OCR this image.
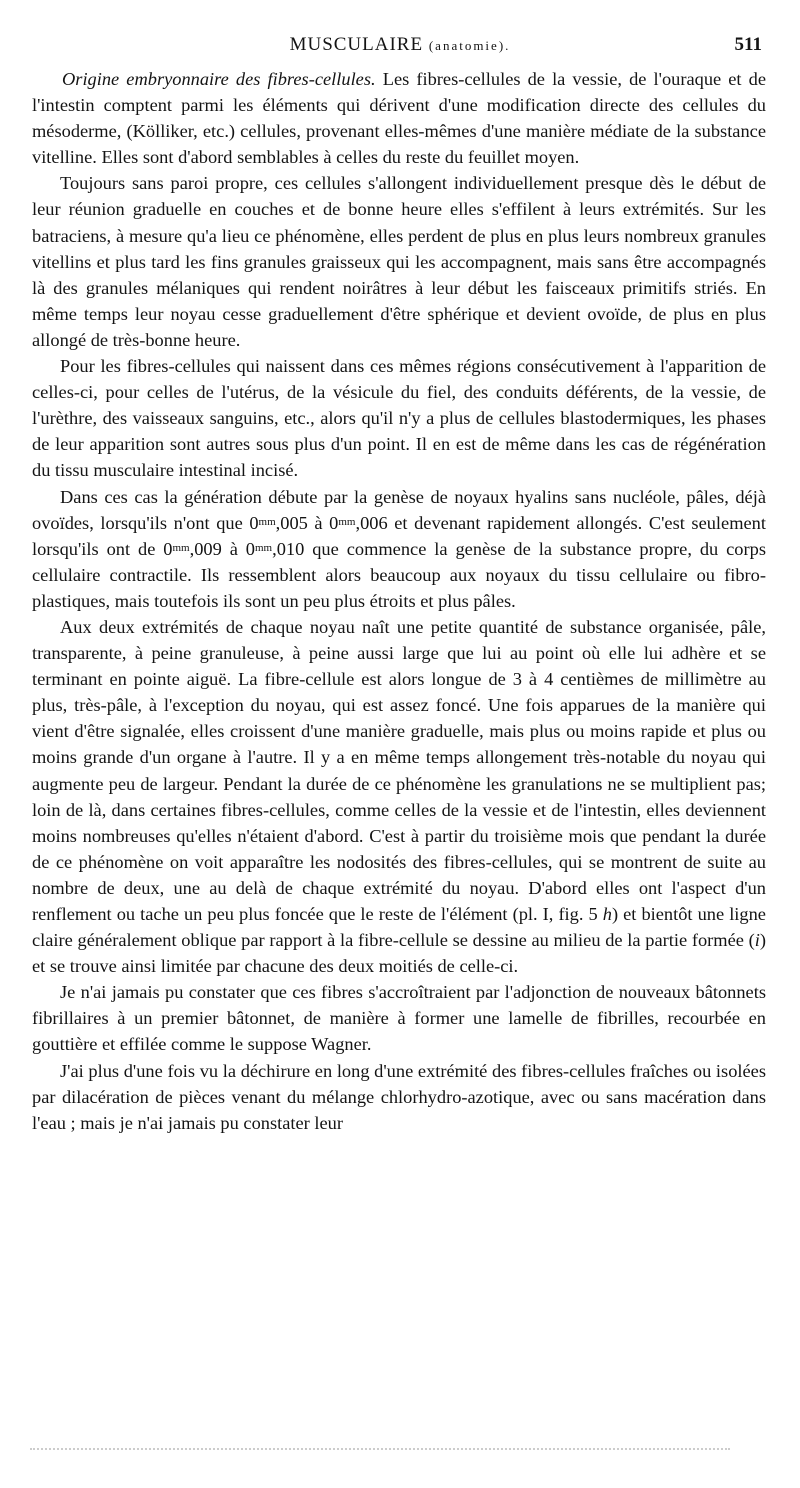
MUSCULAIRE (anatomie).	511

Origine embryonnaire des fibres-cellules. Les fibres-cellules de la vessie, de l'ouraque et de l'intestin comptent parmi les éléments qui dérivent d'une modification directe des cellules du mésoderme, (Kölliker, etc.) cellules, provenant elles-mêmes d'une manière médiate de la substance vitelline. Elles sont d'abord semblables à celles du reste du feuillet moyen.

Toujours sans paroi propre, ces cellules s'allongent individuellement presque dès le début de leur réunion graduelle en couches et de bonne heure elles s'effilent à leurs extrémités. Sur les batraciens, à mesure qu'a lieu ce phénomène, elles perdent de plus en plus leurs nombreux granules vitellins et plus tard les fins granules graisseux qui les accompagnent, mais sans être accompagnés là des granules mélaniques qui rendent noirâtres à leur début les faisceaux primitifs striés. En même temps leur noyau cesse graduellement d'être sphérique et devient ovoïde, de plus en plus allongé de très-bonne heure.

Pour les fibres-cellules qui naissent dans ces mêmes régions consécutivement à l'apparition de celles-ci, pour celles de l'utérus, de la vésicule du fiel, des conduits déférents, de la vessie, de l'urèthre, des vaisseaux sanguins, etc., alors qu'il n'y a plus de cellules blastodermiques, les phases de leur apparition sont autres sous plus d'un point. Il en est de même dans les cas de régénération du tissu musculaire intestinal incisé.

Dans ces cas la génération débute par la genèse de noyaux hyalins sans nucléole, pâles, déjà ovoïdes, lorsqu'ils n'ont que $0^{mm},005$ à $0^{mm},006$ et devenant rapidement allongés. C'est seulement lorsqu'ils ont de $0^{mm},009$ à $0^{mm},010$ que commence la genèse de la substance propre, du corps cellulaire contractile. Ils ressemblent alors beaucoup aux noyaux du tissu cellulaire ou fibro-plastiques, mais toutefois ils sont un peu plus étroits et plus pâles.

Aux deux extrémités de chaque noyau naît une petite quantité de substance organisée, pâle, transparente, à peine granuleuse, à peine aussi large que lui au point où elle lui adhère et se terminant en pointe aiguë. La fibre-cellule est alors longue de 3 à 4 centièmes de millimètre au plus, très-pâle, à l'exception du noyau, qui est assez foncé. Une fois apparues de la manière qui vient d'être signalée, elles croissent d'une manière graduelle, mais plus ou moins rapide et plus ou moins grande d'un organe à l'autre. Il y a en même temps allongement très-notable du noyau qui augmente peu de largeur. Pendant la durée de ce phénomène les granulations ne se multiplient pas; loin de là, dans certaines fibres-cellules, comme celles de la vessie et de l'intestin, elles deviennent moins nombreuses qu'elles n'étaient d'abord. C'est à partir du troisième mois que pendant la durée de ce phénomène on voit apparaître les nodosités des fibres-cellules, qui se montrent de suite au nombre de deux, une au delà de chaque extrémité du noyau. D'abord elles ont l'aspect d'un renflement ou tache un peu plus foncée que le reste de l'élément (pl. I, fig. 5 h) et bientôt une ligne claire généralement oblique par rapport à la fibre-cellule se dessine au milieu de la partie formée (i) et se trouve ainsi limitée par chacune des deux moitiés de celle-ci.

Je n'ai jamais pu constater que ces fibres s'accroîtraient par l'adjonction de nouveaux bâtonnets fibrillaires à un premier bâtonnet, de manière à former une lamelle de fibrilles, recourbée en gouttière et effilée comme le suppose Wagner.

J'ai plus d'une fois vu la déchirure en long d'une extrémité des fibres-cellules fraîches ou isolées par dilacération de pièces venant du mélange chlorhydro-azotique, avec ou sans macération dans l'eau ; mais je n'ai jamais pu constater leur
